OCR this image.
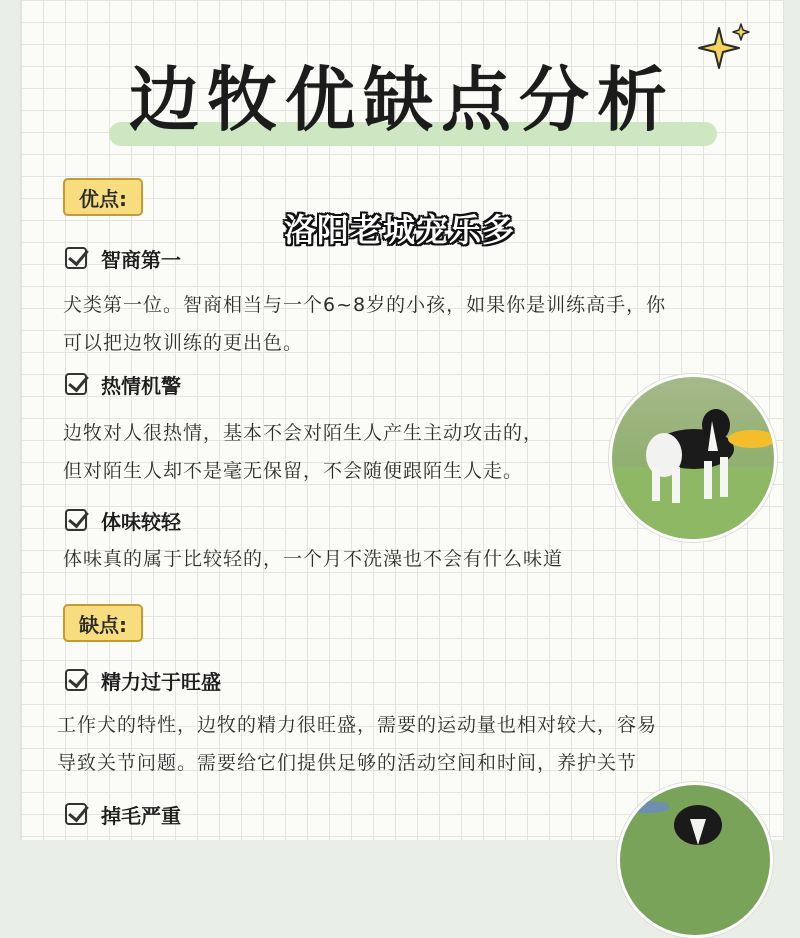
边牧优缺点分析
优点:
洛阳老城宠乐多
智商第一
犬类第一位。智商相当与一个6~8岁的小孩，如果你是训练高手，你
可以把边牧训练的更出色。
热情机警
边牧对人很热情，基本不会对陌生人产生主动攻击的，
但对陌生人却不是毫无保留，不会随便跟陌生人走。
体味较轻
体味真的属于比较轻的，一个月不洗澡也不会有什么味道
缺点:
精力过于旺盛
工作犬的特性，边牧的精力很旺盛，需要的运动量也相对较大，容易
导致关节问题。需要给它们提供足够的活动空间和时间，养护关节
掉毛严重
